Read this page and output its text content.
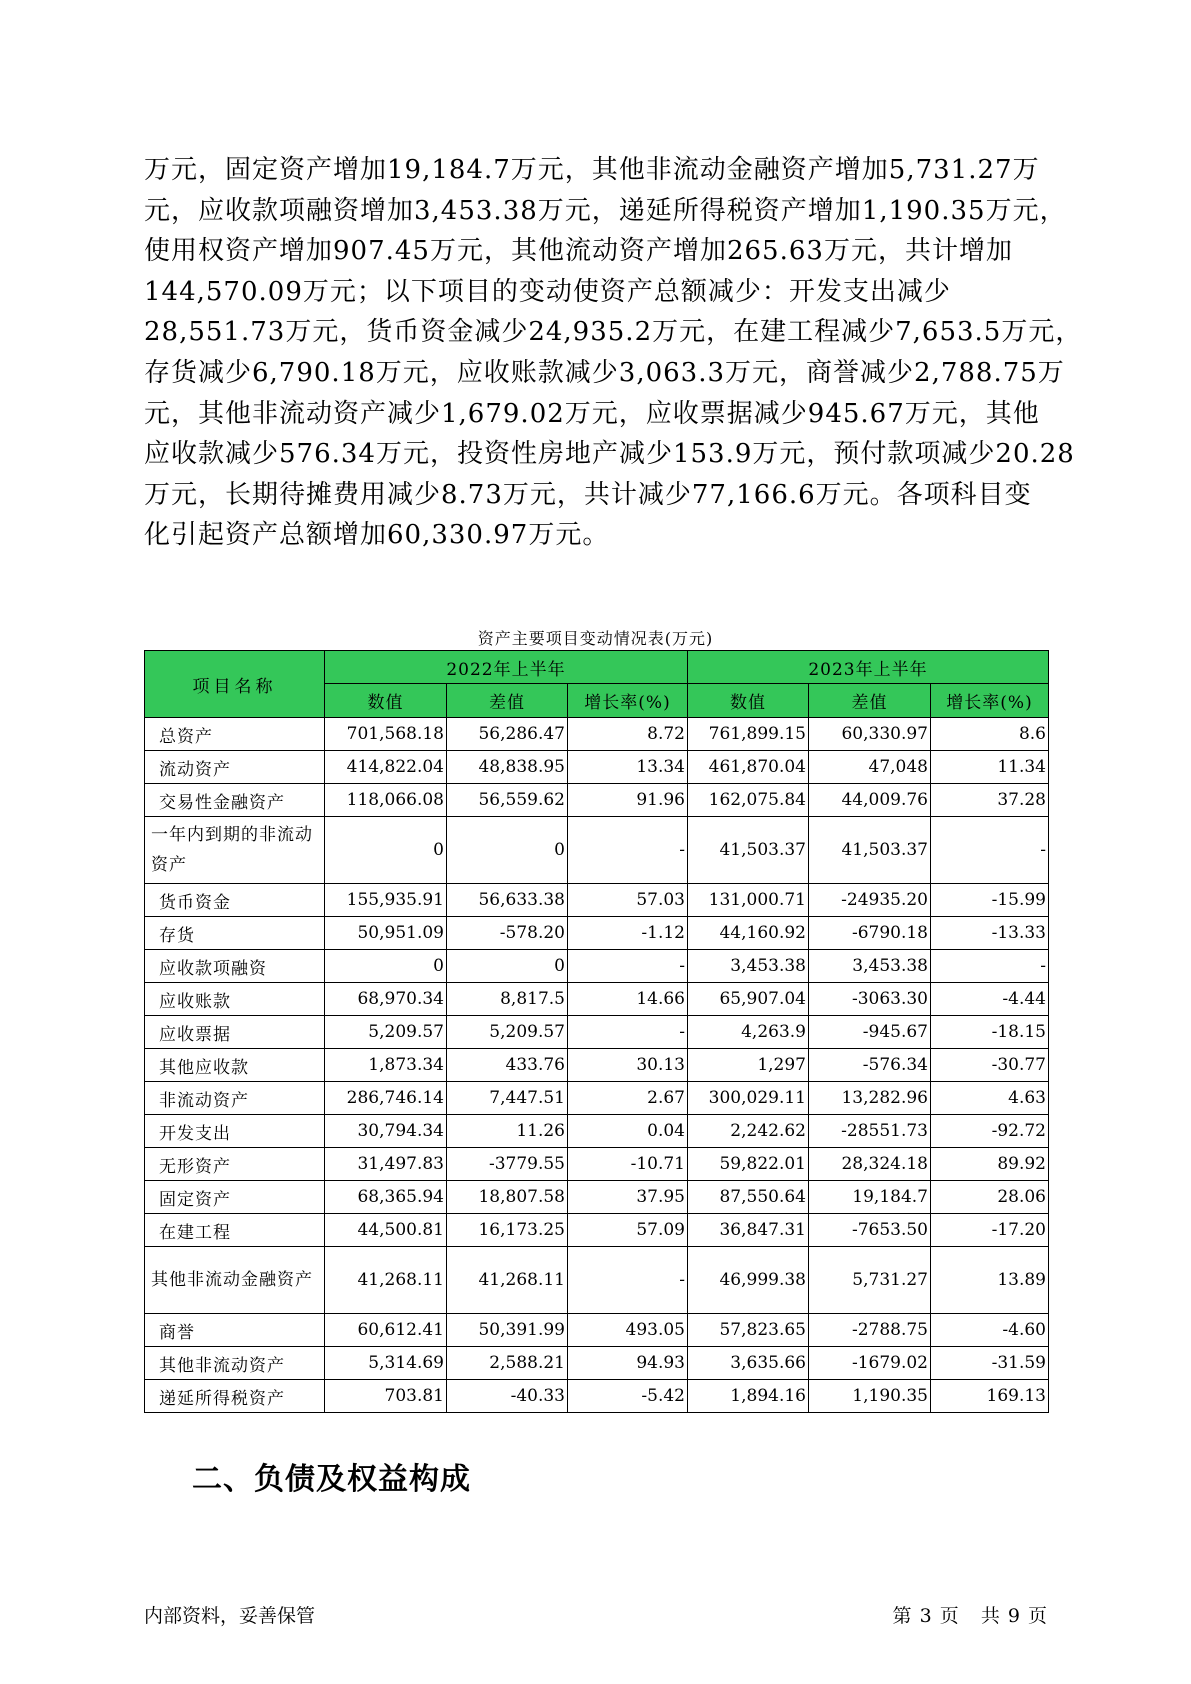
万元，固定资产增加19,184.7万元，其他非流动金融资产增加5,731.27万
元，应收款项融资增加3,453.38万元，递延所得税资产增加1,190.35万元，
使用权资产增加907.45万元，其他流动资产增加265.63万元，共计增加
144,570.09万元；以下项目的变动使资产总额减少：开发支出减少
28,551.73万元，货币资金减少24,935.2万元，在建工程减少7,653.5万元，
存货减少6,790.18万元，应收账款减少3,063.3万元，商誉减少2,788.75万
元，其他非流动资产减少1,679.02万元，应收票据减少945.67万元，其他
应收款减少576.34万元，投资性房地产减少153.9万元，预付款项减少20.28
万元，长期待摊费用减少8.73万元，共计减少77,166.6万元。各项科目变
化引起资产总额增加60,330.97万元。

资产主要项目变动情况表(万元)
项目名称	2022年上半年			2023年上半年		
	数值	差值	增长率(%)	数值	差值	增长率(%)
总资产	701,568.18	56,286.47	8.72	761,899.15	60,330.97	8.6
流动资产	414,822.04	48,838.95	13.34	461,870.04	47,048	11.34
交易性金融资产	118,066.08	56,559.62	91.96	162,075.84	44,009.76	37.28
一年内到期的非流动资产	0	0	-	41,503.37	41,503.37	-
货币资金	155,935.91	56,633.38	57.03	131,000.71	-24935.20	-15.99
存货	50,951.09	-578.20	-1.12	44,160.92	-6790.18	-13.33
应收款项融资	0	0	-	3,453.38	3,453.38	-
应收账款	68,970.34	8,817.5	14.66	65,907.04	-3063.30	-4.44
应收票据	5,209.57	5,209.57	-	4,263.9	-945.67	-18.15
其他应收款	1,873.34	433.76	30.13	1,297	-576.34	-30.77
非流动资产	286,746.14	7,447.51	2.67	300,029.11	13,282.96	4.63
开发支出	30,794.34	11.26	0.04	2,242.62	-28551.73	-92.72
无形资产	31,497.83	-3779.55	-10.71	59,822.01	28,324.18	89.92
固定资产	68,365.94	18,807.58	37.95	87,550.64	19,184.7	28.06
在建工程	44,500.81	16,173.25	57.09	36,847.31	-7653.50	-17.20
其他非流动金融资产	41,268.11	41,268.11	-	46,999.38	5,731.27	13.89
商誉	60,612.41	50,391.99	493.05	57,823.65	-2788.75	-4.60
其他非流动资产	5,314.69	2,588.21	94.93	3,635.66	-1679.02	-31.59
递延所得税资产	703.81	-40.33	-5.42	1,894.16	1,190.35	169.13
二、负债及权益构成
内部资料，妥善保管	第 3 页 共 9 页
